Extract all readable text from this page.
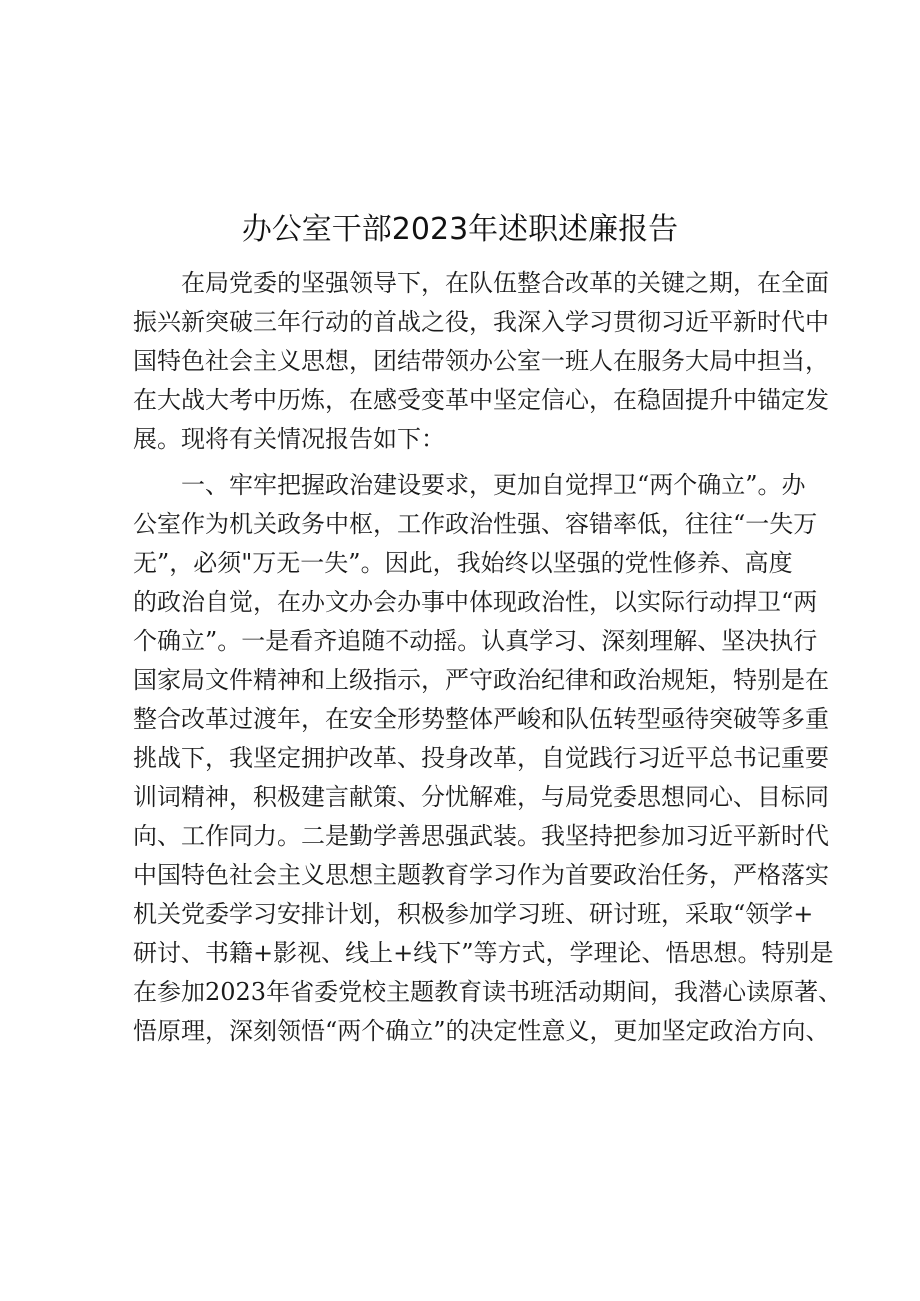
办公室干部2023年述职述廉报告
在局党委的坚强领导下，在队伍整合改革的关键之期，在全面
振兴新突破三年行动的首战之役，我深入学习贯彻习近平新时代中
国特色社会主义思想，团结带领办公室一班人在服务大局中担当，
在大战大考中历炼，在感受变革中坚定信心，在稳固提升中锚定发
展。现将有关情况报告如下：
一、牢牢把握政治建设要求，更加自觉捍卫“两个确立”。办
公室作为机关政务中枢，工作政治性强、容错率低，往往“一失万
无”，必须"万无一失”。因此，我始终以坚强的党性修养、高度
的政治自觉，在办文办会办事中体现政治性，以实际行动捍卫“两
个确立”。一是看齐追随不动摇。认真学习、深刻理解、坚决执行
国家局文件精神和上级指示，严守政治纪律和政治规矩，特别是在
整合改革过渡年，在安全形势整体严峻和队伍转型亟待突破等多重
挑战下，我坚定拥护改革、投身改革，自觉践行习近平总书记重要
训词精神，积极建言献策、分忧解难，与局党委思想同心、目标同
向、工作同力。二是勤学善思强武装。我坚持把参加习近平新时代
中国特色社会主义思想主题教育学习作为首要政治任务，严格落实
机关党委学习安排计划，积极参加学习班、研讨班，采取“领学+
研讨、书籍+影视、线上+线下”等方式，学理论、悟思想。特别是
在参加2023年省委党校主题教育读书班活动期间，我潜心读原著、
悟原理，深刻领悟“两个确立”的决定性意义，更加坚定政治方向、
